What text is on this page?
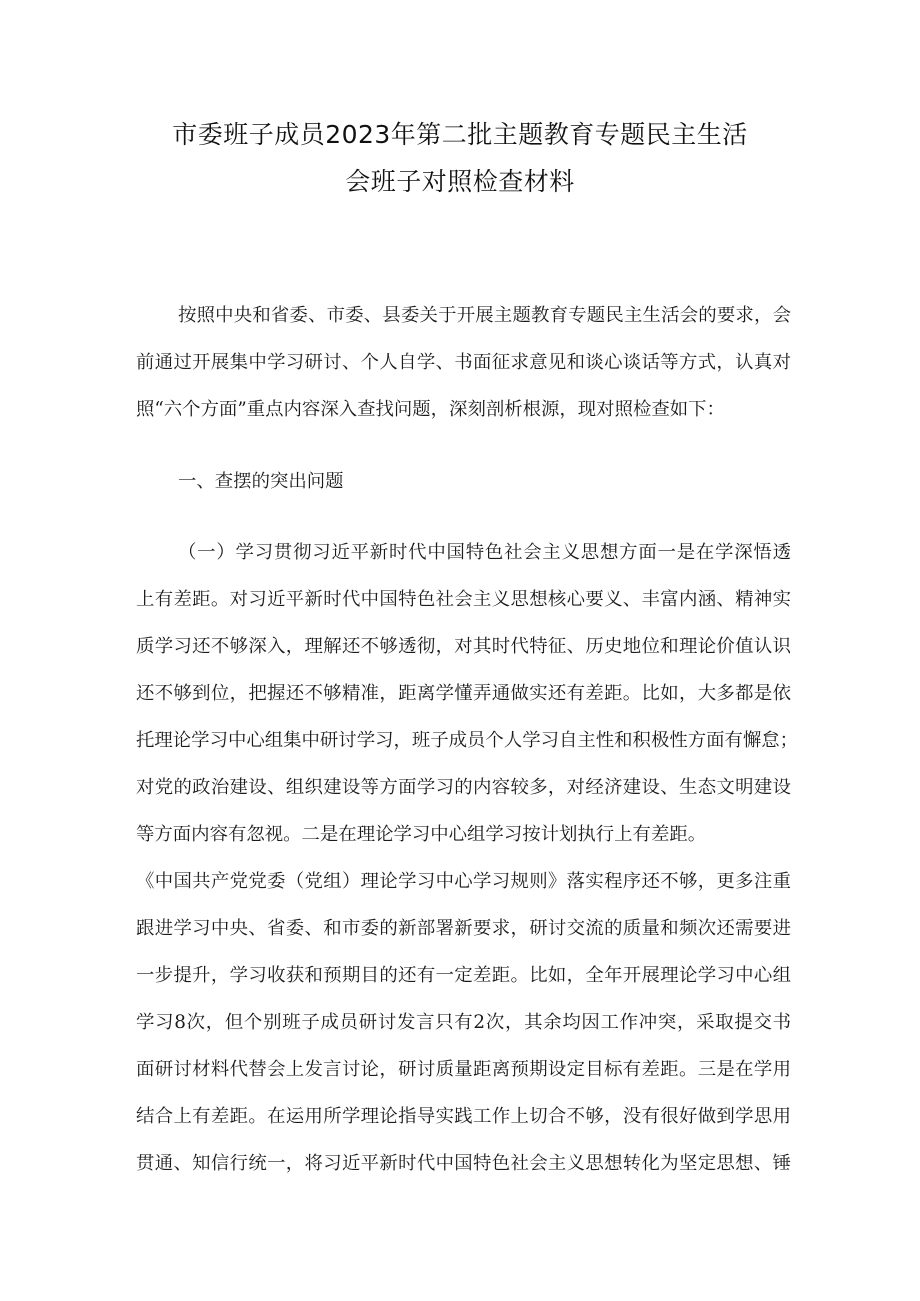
市委班子成员2023年第二批主题教育专题民主生活
会班子对照检查材料
按照中央和省委、市委、县委关于开展主题教育专题民主生活会的要求，会
前通过开展集中学习研讨、个人自学、书面征求意见和谈心谈话等方式，认真对
照“六个方面”重点内容深入查找问题，深刻剖析根源，现对照检查如下：
一、查摆的突出问题
（一）学习贯彻习近平新时代中国特色社会主义思想方面一是在学深悟透
上有差距。对习近平新时代中国特色社会主义思想核心要义、丰富内涵、精神实
质学习还不够深入，理解还不够透彻，对其时代特征、历史地位和理论价值认识
还不够到位，把握还不够精准，距离学懂弄通做实还有差距。比如，大多都是依
托理论学习中心组集中研讨学习，班子成员个人学习自主性和积极性方面有懈怠；
对党的政治建设、组织建设等方面学习的内容较多，对经济建设、生态文明建设
等方面内容有忽视。二是在理论学习中心组学习按计划执行上有差距。
《中国共产党党委（党组）理论学习中心学习规则》落实程序还不够，更多注重
跟进学习中央、省委、和市委的新部署新要求，研讨交流的质量和频次还需要进
一步提升，学习收获和预期目的还有一定差距。比如，全年开展理论学习中心组
学习8次，但个别班子成员研讨发言只有2次，其余均因工作冲突，采取提交书
面研讨材料代替会上发言讨论，研讨质量距离预期设定目标有差距。三是在学用
结合上有差距。在运用所学理论指导实践工作上切合不够，没有很好做到学思用
贯通、知信行统一，将习近平新时代中国特色社会主义思想转化为坚定思想、锤
